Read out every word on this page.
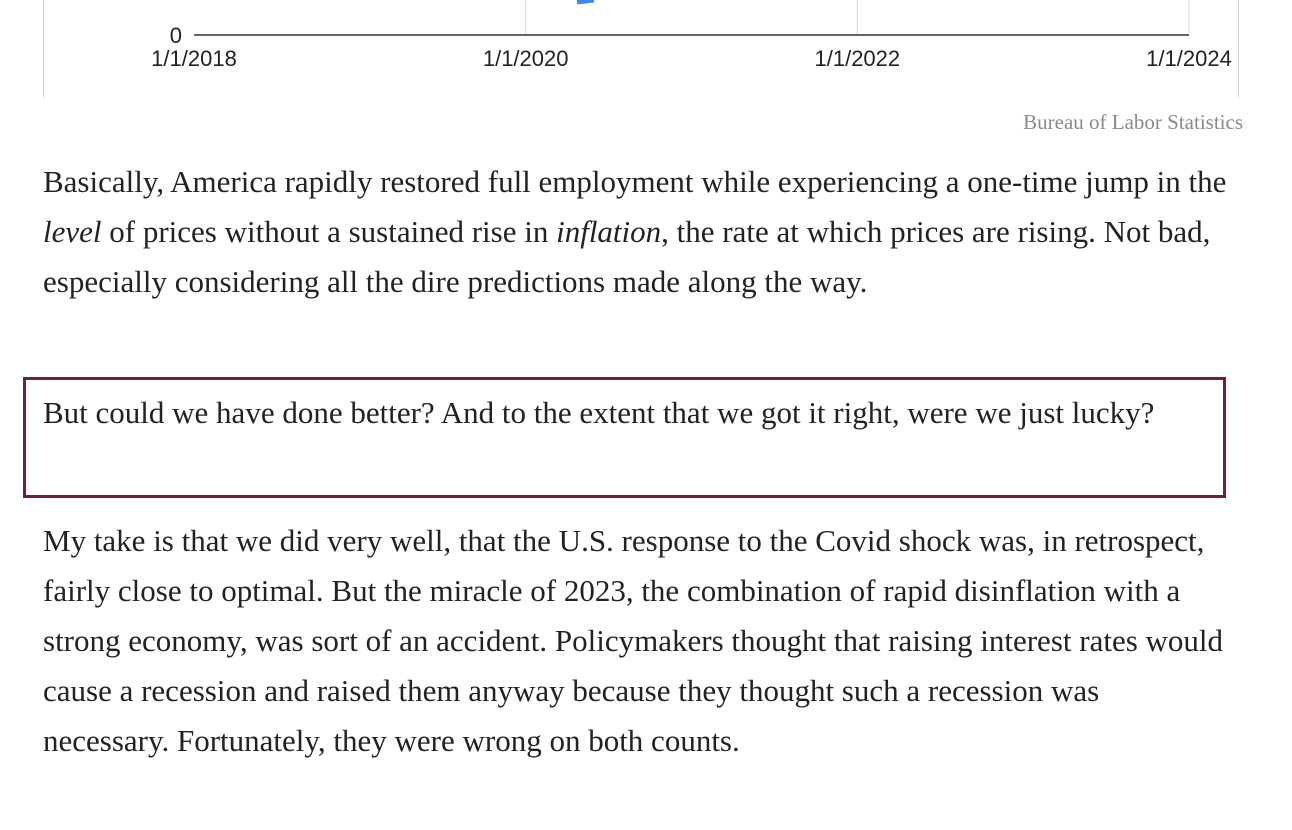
1/1/2018	1/1/2020	1/1/2022	1/1/2024
0
Bureau of Labor Statistics

Basically, America rapidly restored full employment while experiencing a one-time jump in the level of prices without a sustained rise in inflation, the rate at which prices are rising. Not bad, especially considering all the dire predictions made along the way.

But could we have done better? And to the extent that we got it right, were we just lucky?

My take is that we did very well, that the U.S. response to the Covid shock was, in retrospect, fairly close to optimal. But the miracle of 2023, the combination of rapid disinflation with a strong economy, was sort of an accident. Policymakers thought that raising interest rates would cause a recession and raised them anyway because they thought such a recession was necessary. Fortunately, they were wrong on both counts.
